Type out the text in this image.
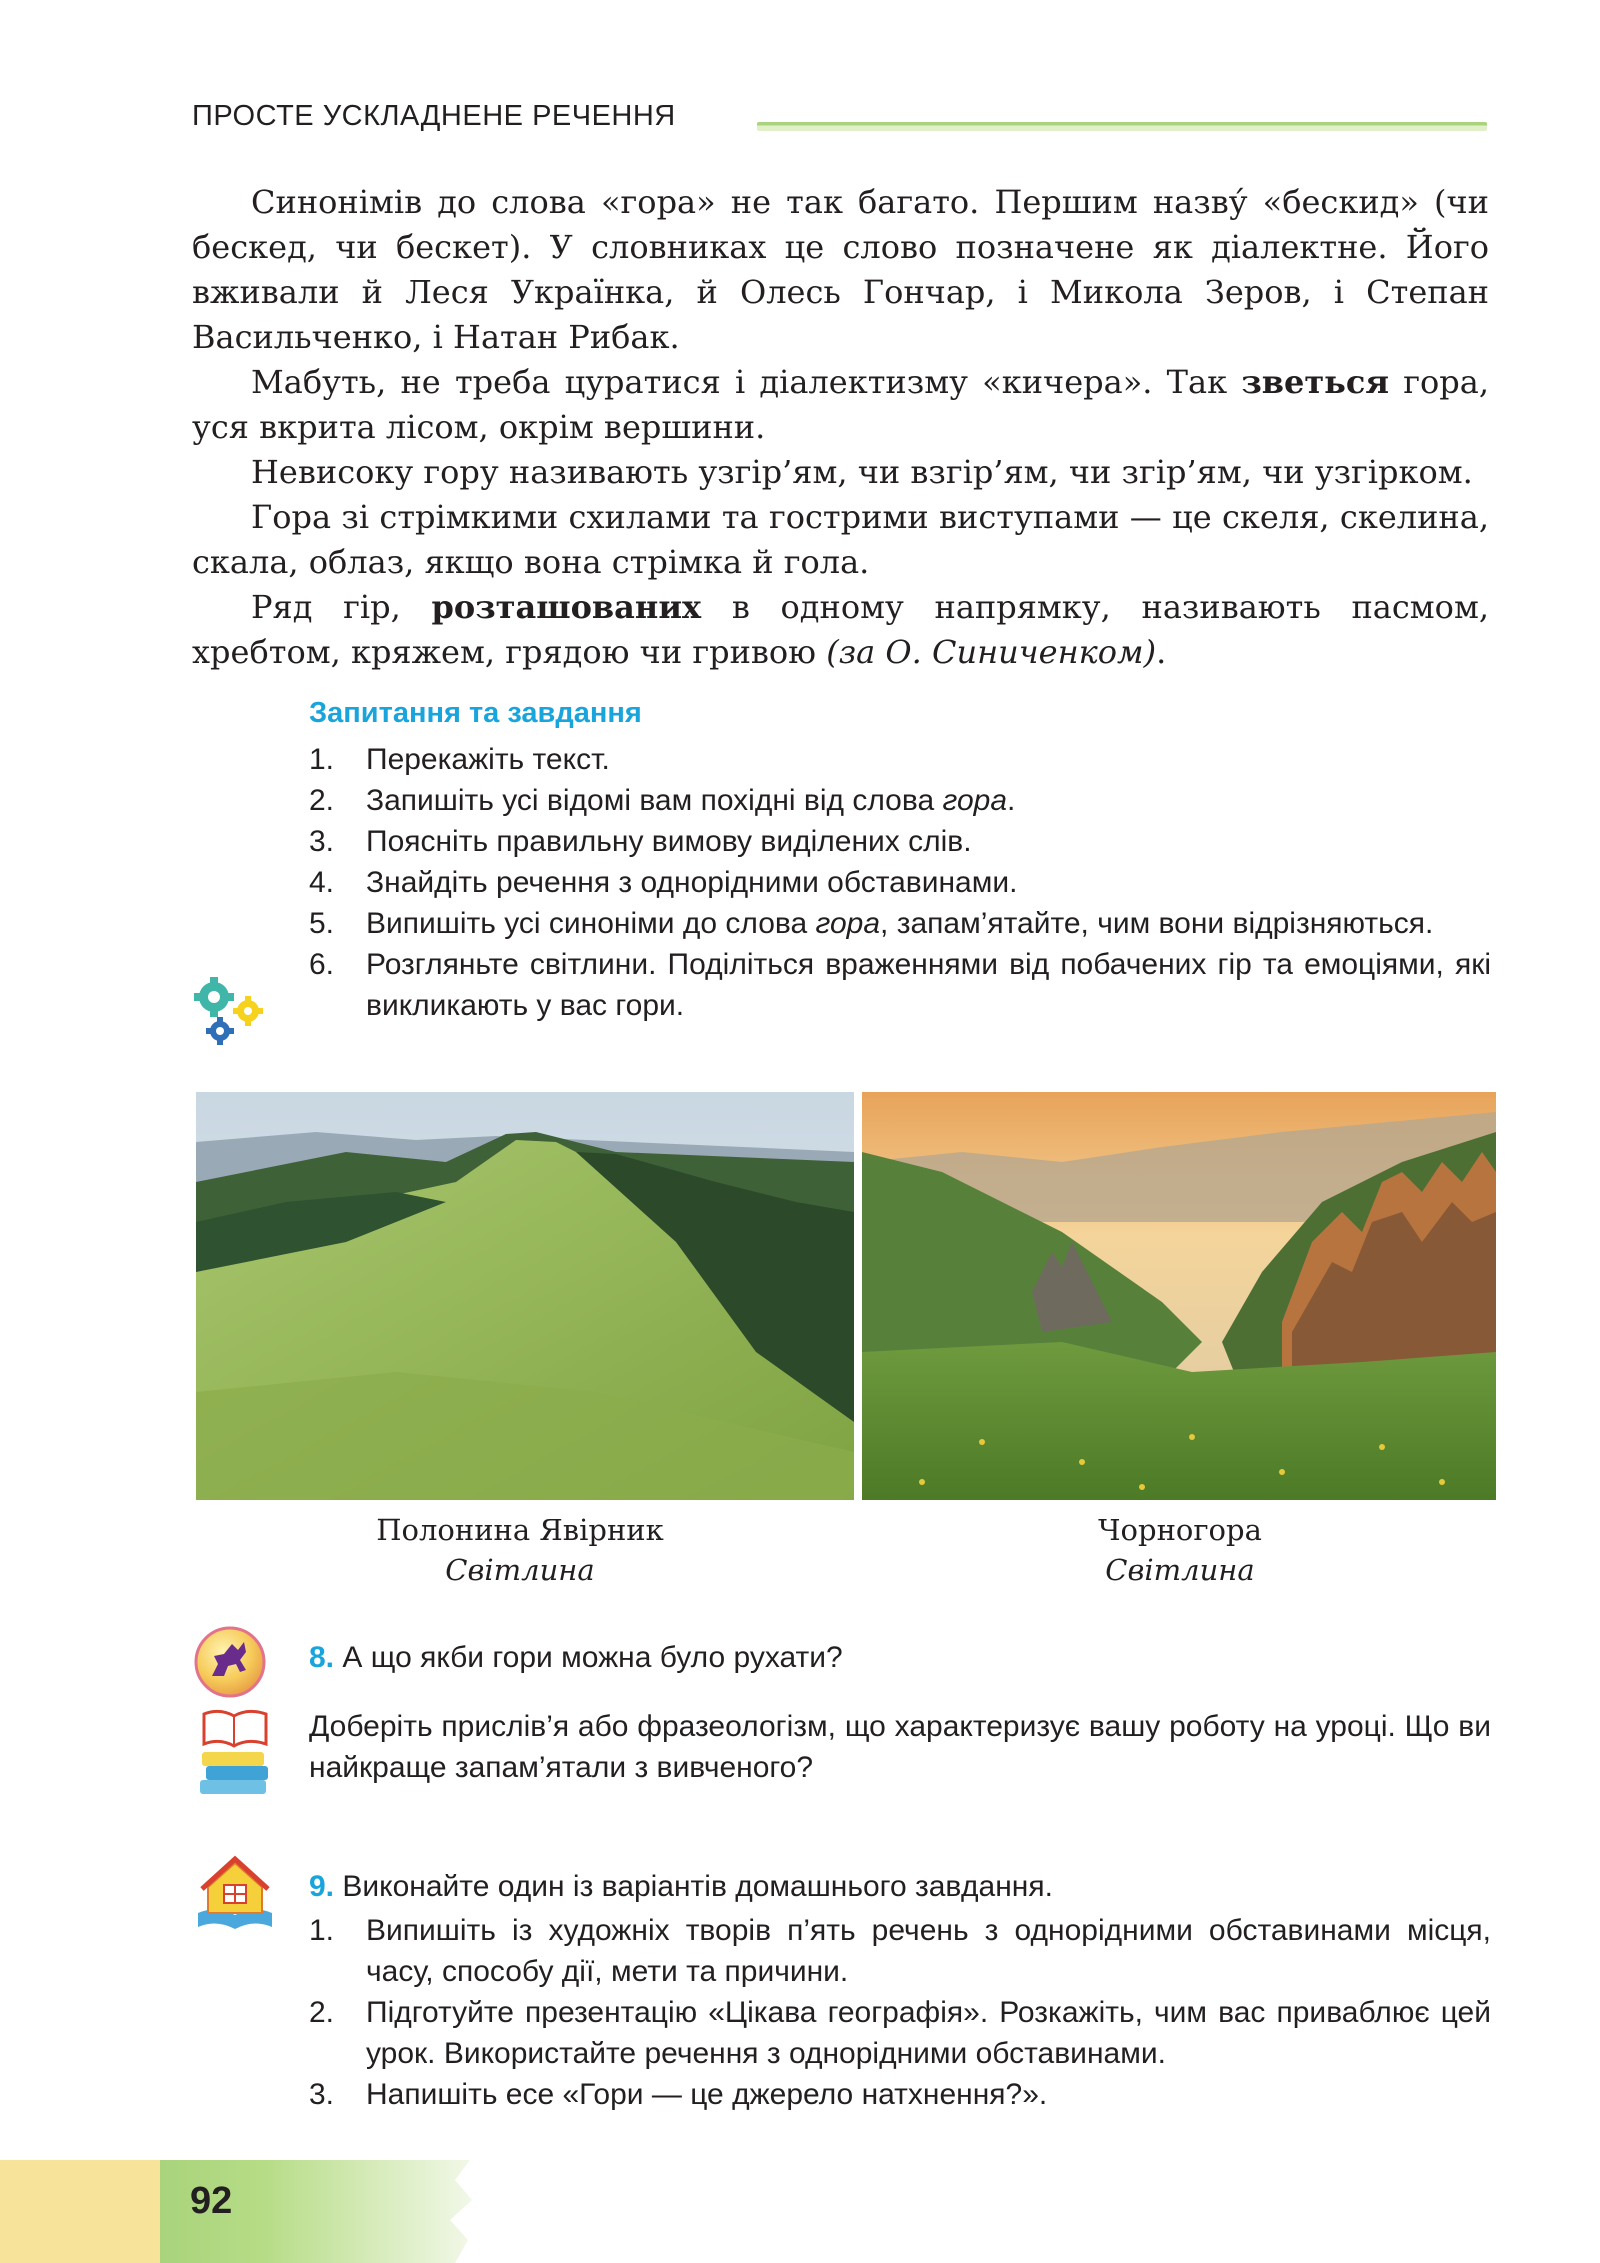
ПРОСТЕ УСКЛАДНЕНЕ РЕЧЕННЯ

Синонімів до слова «гора» не так багато. Першим назву́ «бескид» (чи бескед, чи бескет). У словниках це слово позначене як діалектне. Його вживали й Леся Українка, й Олесь Гончар, і Микола Зеров, і Степан Васильченко, і Натан Рибак.

Мабуть, не треба цуратися і діалектизму «кичера». Так зветься гора, уся вкрита лісом, окрім вершини.

Невисоку гору називають узгір’ям, чи взгір’ям, чи згір’ям, чи узгірком.

Гора зі стрімкими схилами та гострими виступами — це скеля, скелина, скала, облаз, якщо вона стрімка й гола.

Ряд гір, розташованих в одному напрямку, називають пасмом, хребтом, кряжем, грядою чи гривою (за О. Синиченком).

Запитання та завдання
1. Перекажіть текст.
2. Запишіть усі відомі вам похідні від слова гора.
3. Поясніть правильну вимову виділених слів.
4. Знайдіть речення з однорідними обставинами.
5. Випишіть усі синоніми до слова гора, запам’ятайте, чим вони відрізняються.
6. Розгляньте світлини. Поділіться враженнями від побачених гір та емоціями, які викликають у вас гори.
Полонина Явірник
Світлина
Чорногора
Світлина
8. А що якби гори можна було рухати?
Доберіть прислів’я або фразеологізм, що характеризує вашу роботу на уроці. Що ви найкраще запам’ятали з вивченого?
9. Виконайте один із варіантів домашнього завдання.
1. Випишіть із художніх творів п’ять речень з однорідними обставинами місця, часу, способу дії, мети та причини.
2. Підготуйте презентацію «Цікава географія». Розкажіть, чим вас приваблює цей урок. Використайте речення з однорідними обставинами.
3. Напишіть есе «Гори — це джерело натхнення?».
92
